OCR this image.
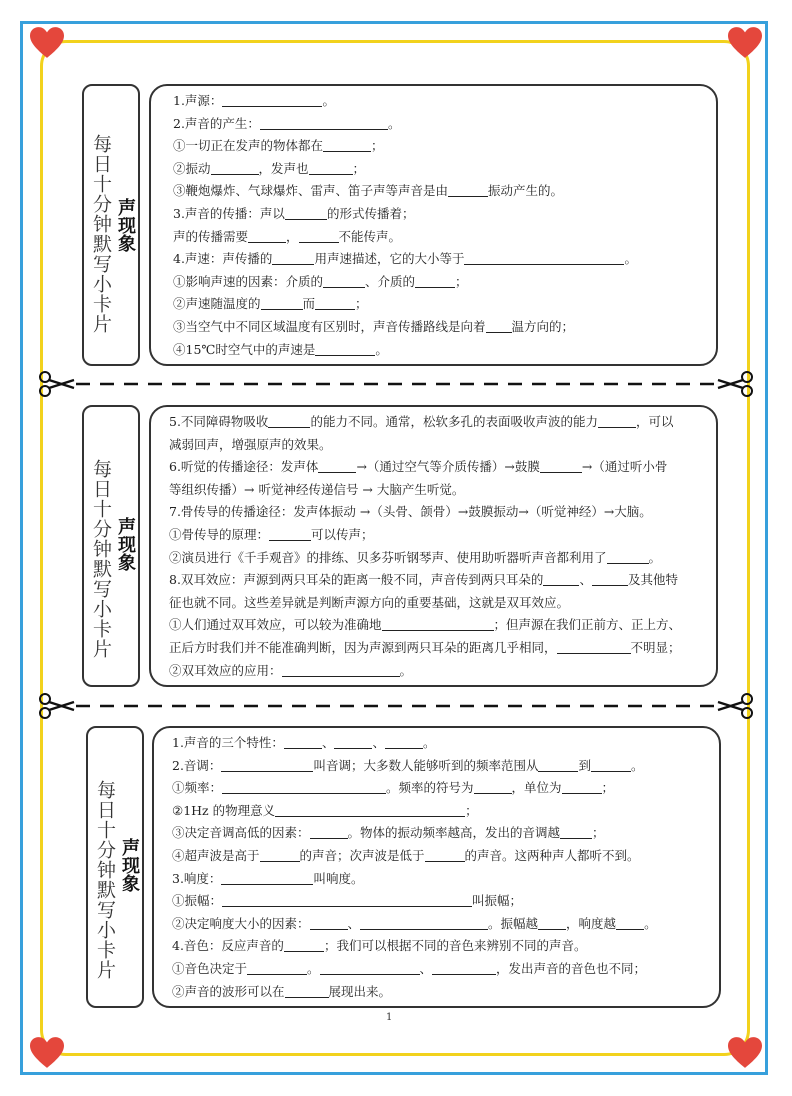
每日十分钟默写小卡片 声现象
1.声源：	。
2.声音的产生：	。
①一切正在发声的物体都在	；
②振动	，发声也	；
③鞭炮爆炸、气球爆炸、雷声、笛子声等声音是由	振动产生的。
3.声音的传播：声以	的形式传播着；
声的传播需要	，	不能传声。
4.声速：声传播的	用声速描述，它的大小等于	。
①影响声速的因素：介质的	、介质的	；
②声速随温度的	而	；
③当空气中不同区域温度有区别时，声音传播路线是向着 温方向的；
④15℃时空气中的声速是	。
每日十分钟默写小卡片 声现象
5.不同障碍物吸收	的能力不同。通常，松软多孔的表面吸收声波的能力	，可以
减弱回声，增强原声的效果。
6.听觉的传播途径：发声体	→（通过空气等介质传播）→鼓膜	→（通过听小骨
等组织传播）→ 听觉神经传递信号 → 大脑产生听觉。
7.骨传导的传播途径：发声体振动 →（头骨、颌骨）→鼓膜振动→（听觉神经）→大脑。
①骨传导的原理：	可以传声；
②演员进行《千手观音》的排练、贝多芬听钢琴声、使用助听器听声音都利用了	。
8.双耳效应：声源到两只耳朵的距离一般不同，声音传到两只耳朵的	、	及其他特
征也就不同。这些差异就是判断声源方向的重要基础，这就是双耳效应。
①人们通过双耳效应，可以较为准确地	；但声源在我们正前方、正上方、
正后方时我们并不能准确判断，因为声源到两只耳朵的距离几乎相同，	不明显；
②双耳效应的应用：	。
每日十分钟默写小卡片 声现象
1.声音的三个特性：	、	、	。
2.音调：	叫音调；大多数人能够听到的频率范围从	到	。
①频率：	。频率的符号为	，单位为	；
②1Hz 的物理意义	；
③决定音调高低的因素：	。物体的振动频率越高，发出的音调越	；
④超声波是高于	的声音；次声波是低于	的声音。这两种声人都听不到。
3.响度：	叫响度。
①振幅：	叫振幅；
②决定响度大小的因素：	、	。振幅越 ，响度越 。
4.音色：反应声音的	；我们可以根据不同的音色来辨别不同的声音。
①音色决定于	。	、	，发出声音的音色也不同；
②声音的波形可以在	展现出来。
1
